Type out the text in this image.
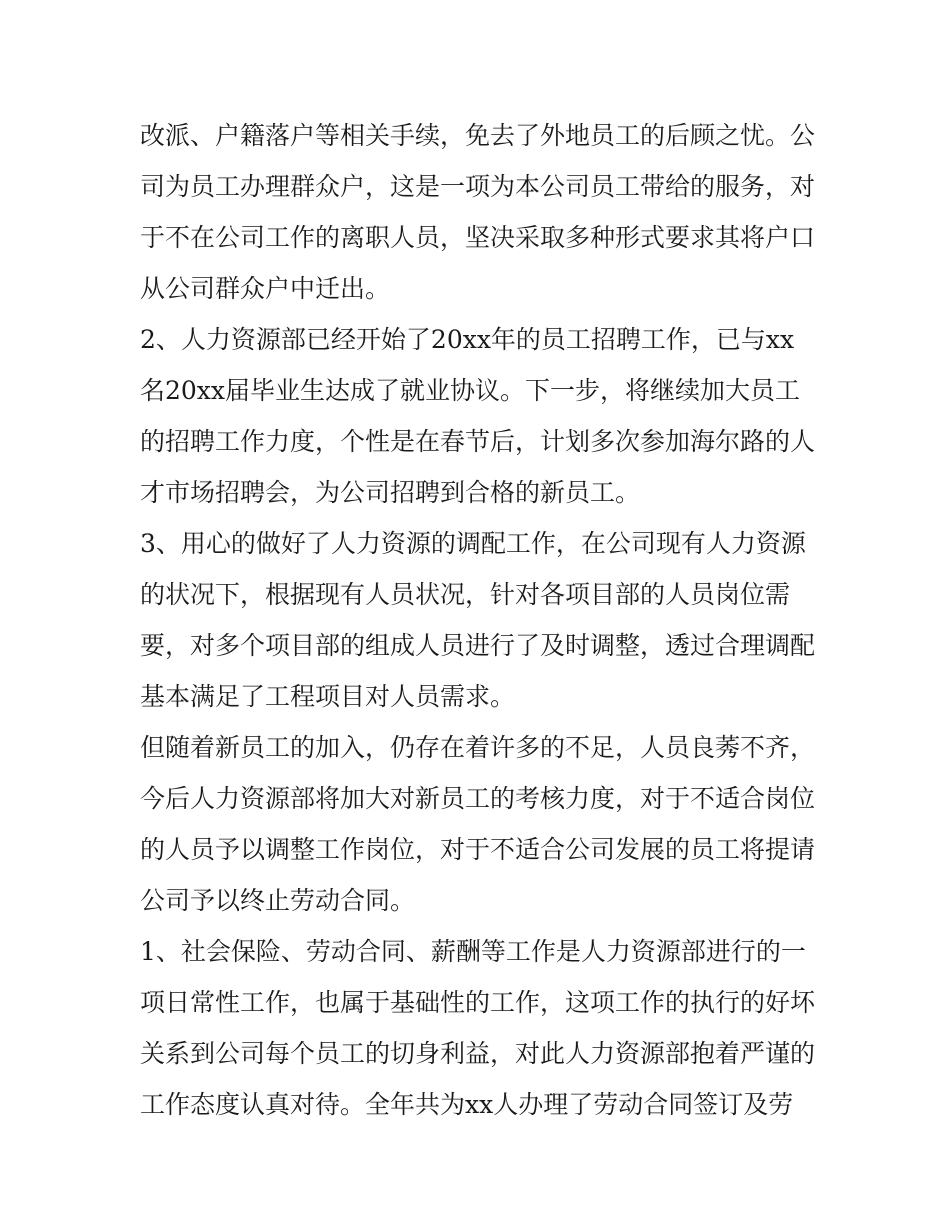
改派、户籍落户等相关手续，免去了外地员工的后顾之忧。公
司为员工办理群众户，这是一项为本公司员工带给的服务，对
于不在公司工作的离职人员，坚决采取多种形式要求其将户口
从公司群众户中迁出。
2、人力资源部已经开始了20xx年的员工招聘工作，已与xx
名20xx届毕业生达成了就业协议。下一步，将继续加大员工
的招聘工作力度，个性是在春节后，计划多次参加海尔路的人
才市场招聘会，为公司招聘到合格的新员工。
3、用心的做好了人力资源的调配工作，在公司现有人力资源
的状况下，根据现有人员状况，针对各项目部的人员岗位需
要，对多个项目部的组成人员进行了及时调整，透过合理调配
基本满足了工程项目对人员需求。
但随着新员工的加入，仍存在着许多的不足，人员良莠不齐，
今后人力资源部将加大对新员工的考核力度，对于不适合岗位
的人员予以调整工作岗位，对于不适合公司发展的员工将提请
公司予以终止劳动合同。
1、社会保险、劳动合同、薪酬等工作是人力资源部进行的一
项日常性工作，也属于基础性的工作，这项工作的执行的好坏
关系到公司每个员工的切身利益，对此人力资源部抱着严谨的
工作态度认真对待。全年共为xx人办理了劳动合同签订及劳
